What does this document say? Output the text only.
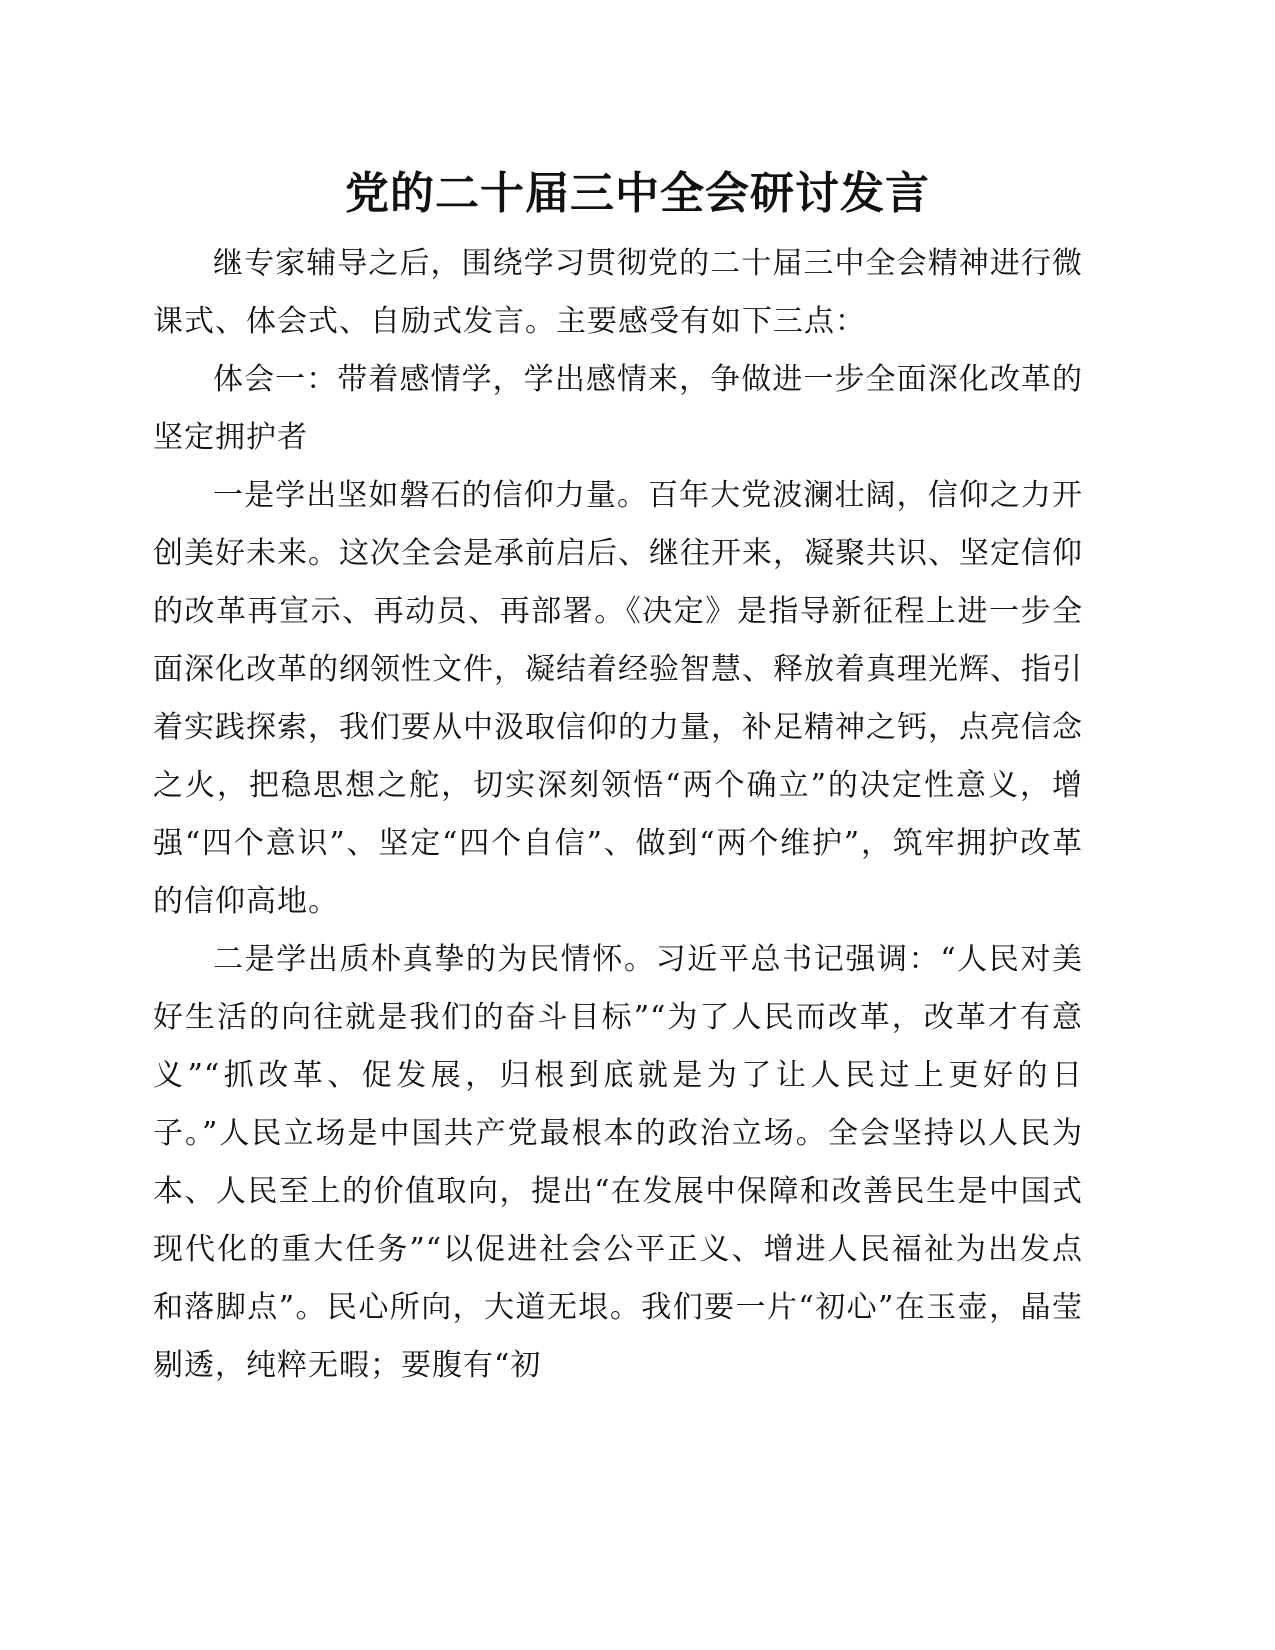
党的二十届三中全会研讨发言

继专家辅导之后，围绕学习贯彻党的二十届三中全会精神进行微课式、体会式、自励式发言。主要感受有如下三点：

体会一：带着感情学，学出感情来，争做进一步全面深化改革的坚定拥护者

一是学出坚如磐石的信仰力量。百年大党波澜壮阔，信仰之力开创美好未来。这次全会是承前启后、继往开来，凝聚共识、坚定信仰的改革再宣示、再动员、再部署。《决定》是指导新征程上进一步全面深化改革的纲领性文件，凝结着经验智慧、释放着真理光辉、指引着实践探索，我们要从中汲取信仰的力量，补足精神之钙，点亮信念之火，把稳思想之舵，切实深刻领悟“两个确立”的决定性意义，增强“四个意识”、坚定“四个自信”、做到“两个维护”，筑牢拥护改革的信仰高地。

二是学出质朴真挚的为民情怀。习近平总书记强调：“人民对美好生活的向往就是我们的奋斗目标”“为了人民而改革，改革才有意义”“抓改革、促发展，归根到底就是为了让人民过上更好的日子。”人民立场是中国共产党最根本的政治立场。全会坚持以人民为本、人民至上的价值取向，提出“在发展中保障和改善民生是中国式现代化的重大任务”“以促进社会公平正义、增进人民福祉为出发点和落脚点”。民心所向，大道无垠。我们要一片“初心”在玉壶，晶莹剔透，纯粹无暇；要腹有“初
